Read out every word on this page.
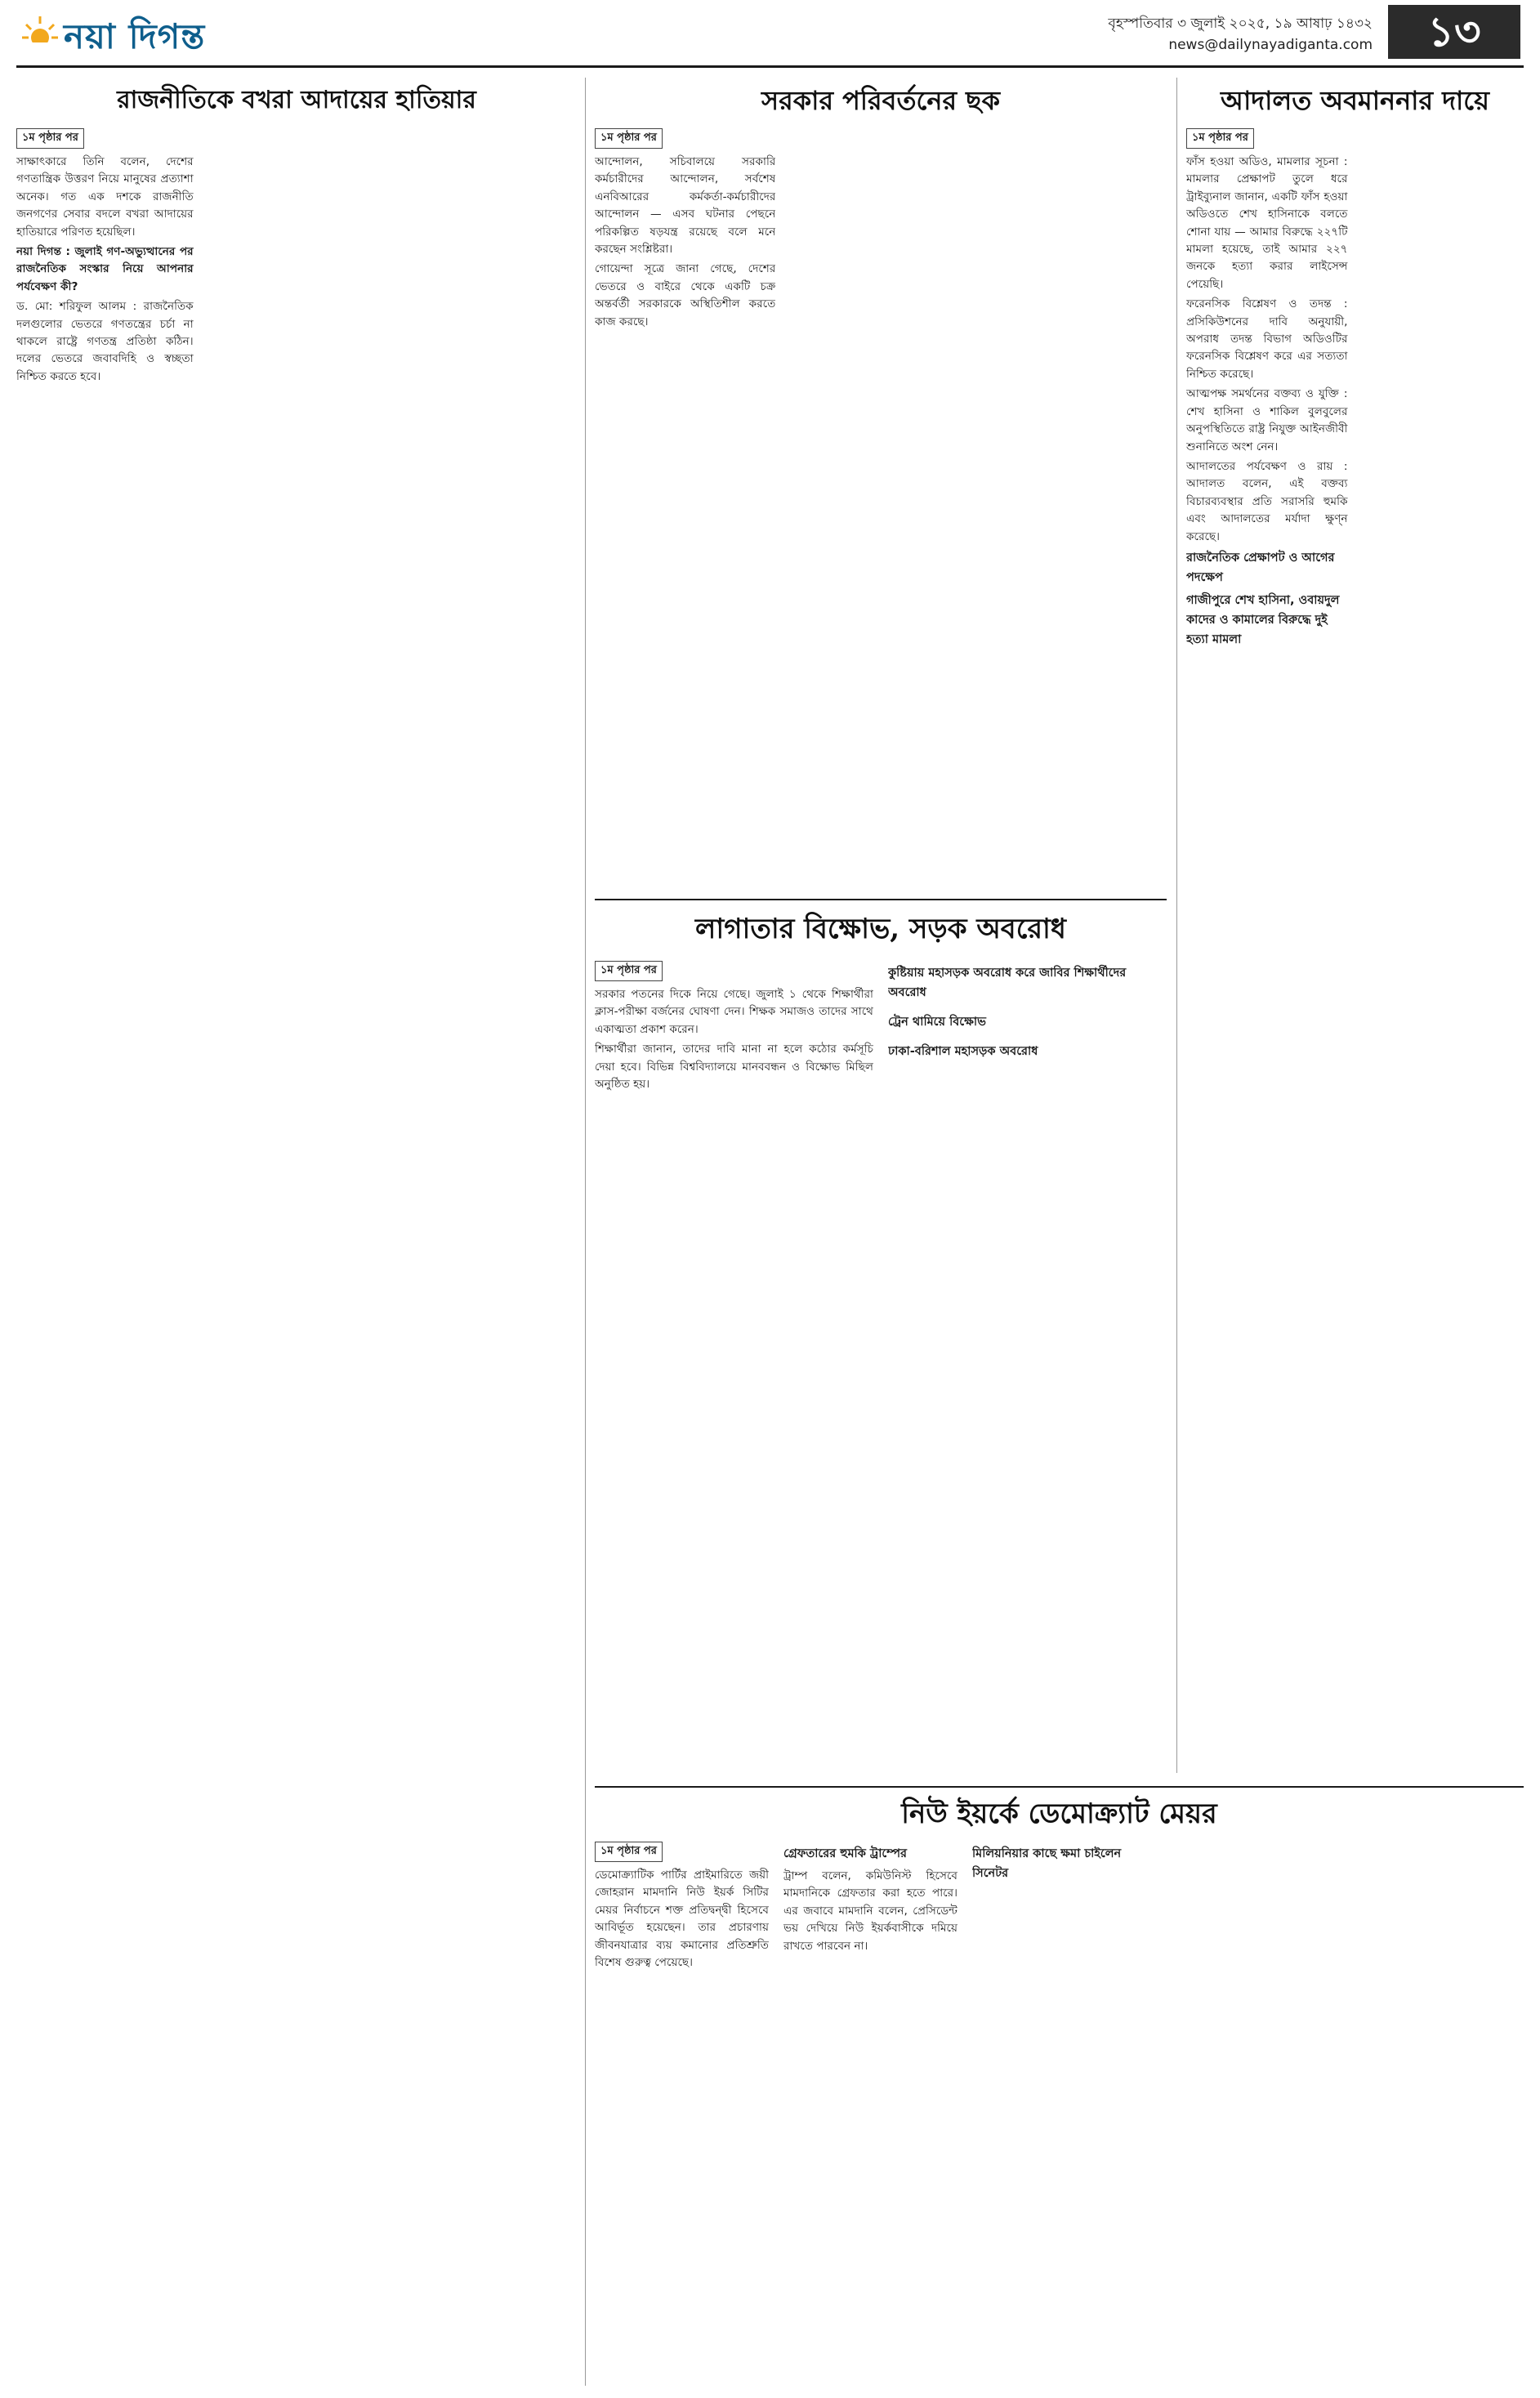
নয়া দিগন্ত	বৃহস্পতিবার ৩ জুলাই ২০২৫, ১৯ আষাঢ় ১৪৩২
news@dailynayadiganta.com	১৩
রাজনীতিকে বখরা আদায়ের হাতিয়ার
১ম পৃষ্ঠার পর

সাক্ষাৎকারে তিনি বলেন, দেশের গণতান্ত্রিক উত্তরণ নিয়ে মানুষের প্রত্যাশা অনেক। গত এক দশকে রাজনীতি জনগণের সেবার বদলে বখরা আদায়ের হাতিয়ারে পরিণত হয়েছিল।

নয়া দিগন্ত : জুলাই গণ-অভ্যুত্থানের পর রাজনৈতিক সংস্কার নিয়ে আপনার পর্যবেক্ষণ কী?

ড. মো: শরিফুল আলম : রাজনৈতিক দলগুলোর ভেতরে গণতন্ত্রের চর্চা না থাকলে রাষ্ট্রে গণতন্ত্র প্রতিষ্ঠা কঠিন। দলের ভেতরে জবাবদিহি ও স্বচ্ছতা নিশ্চিত করতে হবে।

সরকার পরিবর্তনের ছক
১ম পৃষ্ঠার পর

আন্দোলন, সচিবালয়ে সরকারি কর্মচারীদের আন্দোলন, সর্বশেষ এনবিআরের কর্মকর্তা-কর্মচারীদের আন্দোলন — এসব ঘটনার পেছনে পরিকল্পিত ষড়যন্ত্র রয়েছে বলে মনে করছেন সংশ্লিষ্টরা।

গোয়েন্দা সূত্রে জানা গেছে, দেশের ভেতরে ও বাইরে থেকে একটি চক্র অন্তর্বর্তী সরকারকে অস্থিতিশীল করতে কাজ করছে।

লাগাতার বিক্ষোভ, সড়ক অবরোধ
১ম পৃষ্ঠার পর

সরকার পতনের দিকে নিয়ে গেছে। জুলাই ১ থেকে শিক্ষার্থীরা ক্লাস-পরীক্ষা বর্জনের ঘোষণা দেন। শিক্ষক সমাজও তাদের সাথে একাত্মতা প্রকাশ করেন।

শিক্ষার্থীরা জানান, তাদের দাবি মানা না হলে কঠোর কর্মসূচি দেয়া হবে। বিভিন্ন বিশ্ববিদ্যালয়ে মানববন্ধন ও বিক্ষোভ মিছিল অনুষ্ঠিত হয়।

কুষ্টিয়ায় মহাসড়ক অবরোধ করে জাবির শিক্ষার্থীদের অবরোধ
ট্রেন থামিয়ে বিক্ষোভ
ঢাকা-বরিশাল মহাসড়ক অবরোধ
আদালত অবমাননার দায়ে
১ম পৃষ্ঠার পর

ফাঁস হওয়া অডিও, মামলার সূচনা : মামলার প্রেক্ষাপট তুলে ধরে ট্রাইব্যুনাল জানান, একটি ফাঁস হওয়া অডিওতে শেখ হাসিনাকে বলতে শোনা যায় — আমার বিরুদ্ধে ২২৭টি মামলা হয়েছে, তাই আমার ২২৭ জনকে হত্যা করার লাইসেন্স পেয়েছি।

ফরেনসিক বিশ্লেষণ ও তদন্ত : প্রসিকিউশনের দাবি অনুযায়ী, অপরাধ তদন্ত বিভাগ অডিওটির ফরেনসিক বিশ্লেষণ করে এর সত্যতা নিশ্চিত করেছে।

আত্মপক্ষ সমর্থনের বক্তব্য ও যুক্তি : শেখ হাসিনা ও শাকিল বুলবুলের অনুপস্থিতিতে রাষ্ট্র নিযুক্ত আইনজীবী শুনানিতে অংশ নেন।

আদালতের পর্যবেক্ষণ ও রায় : আদালত বলেন, এই বক্তব্য বিচারব্যবস্থার প্রতি সরাসরি হুমকি এবং আদালতের মর্যাদা ক্ষুণ্ন করেছে।

রাজনৈতিক প্রেক্ষাপট ও আগের পদক্ষেপ
গাজীপুরে শেখ হাসিনা, ওবায়দুল কাদের ও কামালের বিরুদ্ধে দুই হত্যা মামলা
নিউ ইয়র্কে ডেমোক্র্যাট মেয়র
১ম পৃষ্ঠার পর

ডেমোক্র্যাটিক পার্টির প্রাইমারিতে জয়ী জোহরান মামদানি নিউ ইয়র্ক সিটির মেয়র নির্বাচনে শক্ত প্রতিদ্বন্দ্বী হিসেবে আবির্ভূত হয়েছেন। তার প্রচারণায় জীবনযাত্রার ব্যয় কমানোর প্রতিশ্রুতি বিশেষ গুরুত্ব পেয়েছে।

গ্রেফতারের হুমকি ট্রাম্পের

ট্রাম্প বলেন, কমিউনিস্ট হিসেবে মামদানিকে গ্রেফতার করা হতে পারে। এর জবাবে মামদানি বলেন, প্রেসিডেন্ট ভয় দেখিয়ে নিউ ইয়র্কবাসীকে দমিয়ে রাখতে পারবেন না।

মিলিয়নিয়ার কাছে ক্ষমা চাইলেন সিনেটর
